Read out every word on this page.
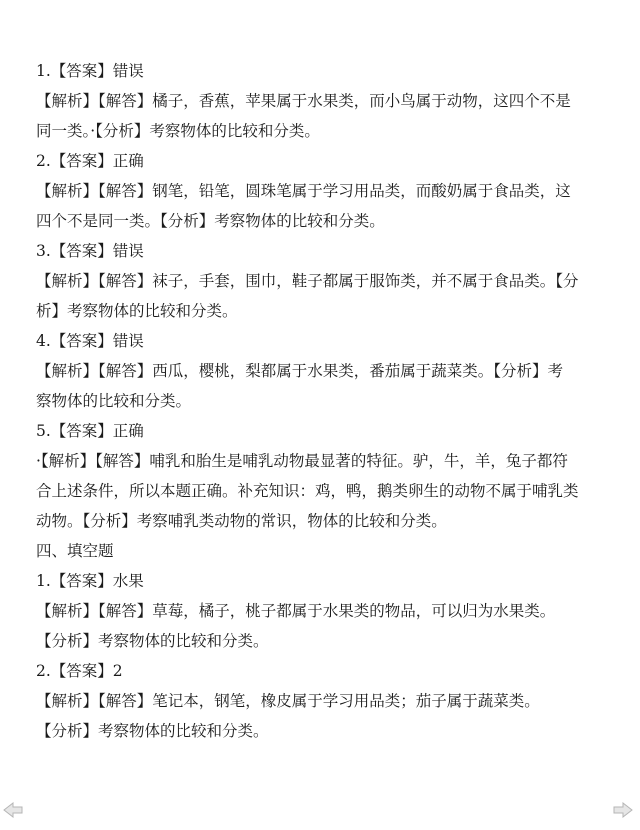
1.【答案】错误
【解析】【解答】橘子，香蕉，苹果属于水果类，而小鸟属于动物，这四个不是
同一类。·【分析】考察物体的比较和分类。
2.【答案】正确
【解析】【解答】钢笔，铅笔，圆珠笔属于学习用品类，而酸奶属于食品类，这
四个不是同一类。【分析】考察物体的比较和分类。
3.【答案】错误
【解析】【解答】袜子，手套，围巾，鞋子都属于服饰类，并不属于食品类。【分
析】考察物体的比较和分类。
4.【答案】错误
【解析】【解答】西瓜，樱桃，梨都属于水果类，番茄属于蔬菜类。【分析】考
察物体的比较和分类。
5.【答案】正确
·【解析】【解答】哺乳和胎生是哺乳动物最显著的特征。驴，牛，羊，兔子都符
合上述条件，所以本题正确。补充知识：鸡，鸭，鹅类卵生的动物不属于哺乳类
动物。【分析】考察哺乳类动物的常识，物体的比较和分类。
四、填空题
1.【答案】水果
【解析】【解答】草莓，橘子，桃子都属于水果类的物品，可以归为水果类。
【分析】考察物体的比较和分类。
2.【答案】2
【解析】【解答】笔记本，钢笔，橡皮属于学习用品类；茄子属于蔬菜类。
【分析】考察物体的比较和分类。
